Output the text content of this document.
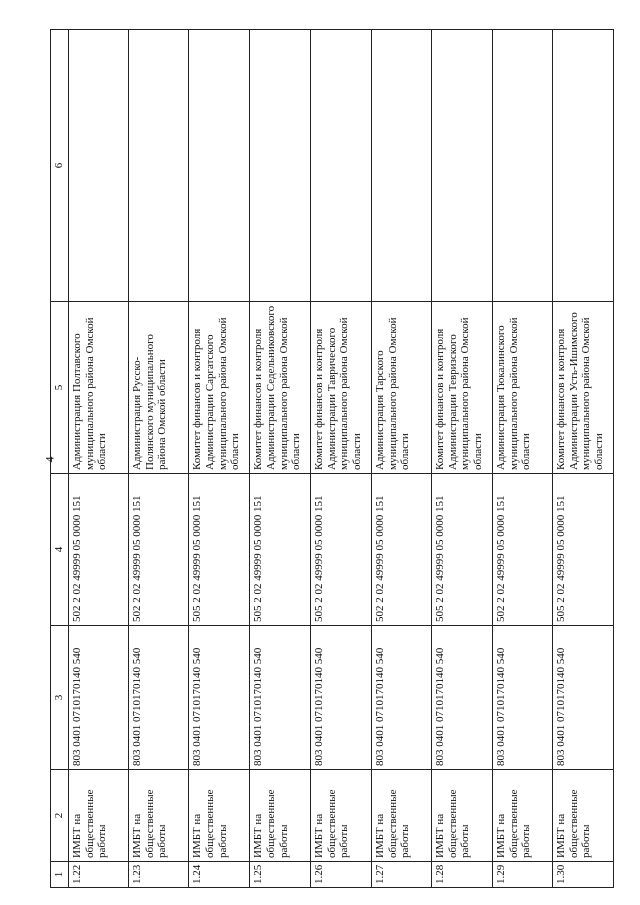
4
1	2	3	4	5	6
1.22	ИМБТ на общественные работы	803 0401 0710170140 540	502 2 02 49999 05 0000 151	Администрация Полтавского муниципального района Омской области	
1.23	ИМБТ на общественные работы	803 0401 0710170140 540	502 2 02 49999 05 0000 151	Администрация Русско-Полянского муниципального района Омской области	
1.24	ИМБТ на общественные работы	803 0401 0710170140 540	505 2 02 49999 05 0000 151	Комитет финансов и контроля Администрации Саргатского муниципального района Омской области	
1.25	ИМБТ на общественные работы	803 0401 0710170140 540	505 2 02 49999 05 0000 151	Комитет финансов и контроля Администрации Седельниковского муниципального района Омской области	
1.26	ИМБТ на общественные работы	803 0401 0710170140 540	505 2 02 49999 05 0000 151	Комитет финансов и контроля Администрации Таврического муниципального района Омской области	
1.27	ИМБТ на общественные работы	803 0401 0710170140 540	502 2 02 49999 05 0000 151	Администрация Тарского муниципального района Омской области	
1.28	ИМБТ на общественные работы	803 0401 0710170140 540	505 2 02 49999 05 0000 151	Комитет финансов и контроля Администрации Тевризского муниципального района Омской области	
1.29	ИМБТ на общественные работы	803 0401 0710170140 540	502 2 02 49999 05 0000 151	Администрация Тюкалинского муниципального района Омской области	
1.30	ИМБТ на общественные работы	803 0401 0710170140 540	505 2 02 49999 05 0000 151	Комитет финансов и контроля Администрации Усть-Ишимского муниципального района Омской области	
